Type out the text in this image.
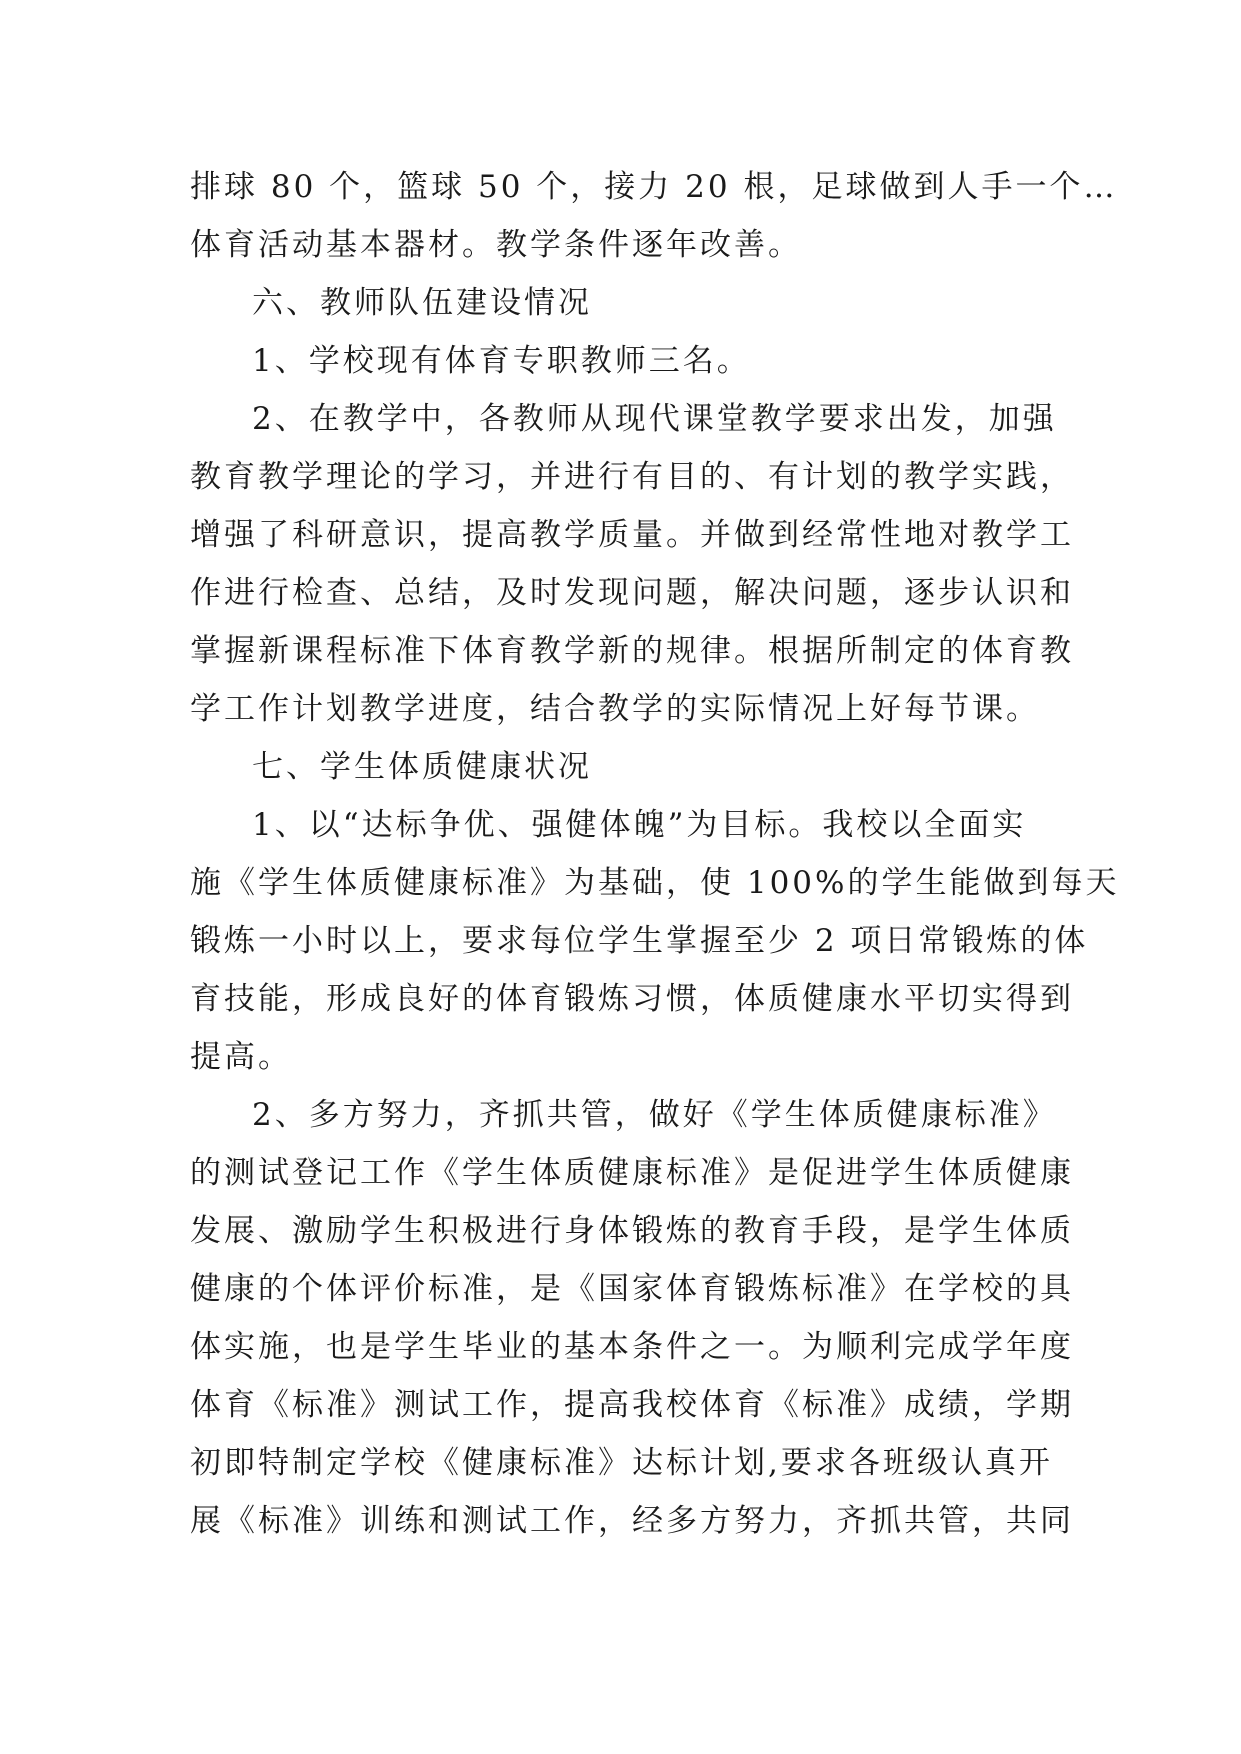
排球 80 个，篮球 50 个，接力 20 根，足球做到人手一个…
体育活动基本器材。教学条件逐年改善。
六、教师队伍建设情况
1、学校现有体育专职教师三名。
2、在教学中，各教师从现代课堂教学要求出发，加强
教育教学理论的学习，并进行有目的、有计划的教学实践，
增强了科研意识，提高教学质量。并做到经常性地对教学工
作进行检查、总结，及时发现问题，解决问题，逐步认识和
掌握新课程标准下体育教学新的规律。根据所制定的体育教
学工作计划教学进度，结合教学的实际情况上好每节课。
七、学生体质健康状况
1、以“达标争优、强健体魄”为目标。我校以全面实
施《学生体质健康标准》为基础，使 100%的学生能做到每天
锻炼一小时以上，要求每位学生掌握至少 2 项日常锻炼的体
育技能，形成良好的体育锻炼习惯，体质健康水平切实得到
提高。
2、多方努力，齐抓共管，做好《学生体质健康标准》
的测试登记工作《学生体质健康标准》是促进学生体质健康
发展、激励学生积极进行身体锻炼的教育手段，是学生体质
健康的个体评价标准，是《国家体育锻炼标准》在学校的具
体实施，也是学生毕业的基本条件之一。为顺利完成学年度
体育《标准》测试工作，提高我校体育《标准》成绩，学期
初即特制定学校《健康标准》达标计划,要求各班级认真开
展《标准》训练和测试工作，经多方努力，齐抓共管，共同
